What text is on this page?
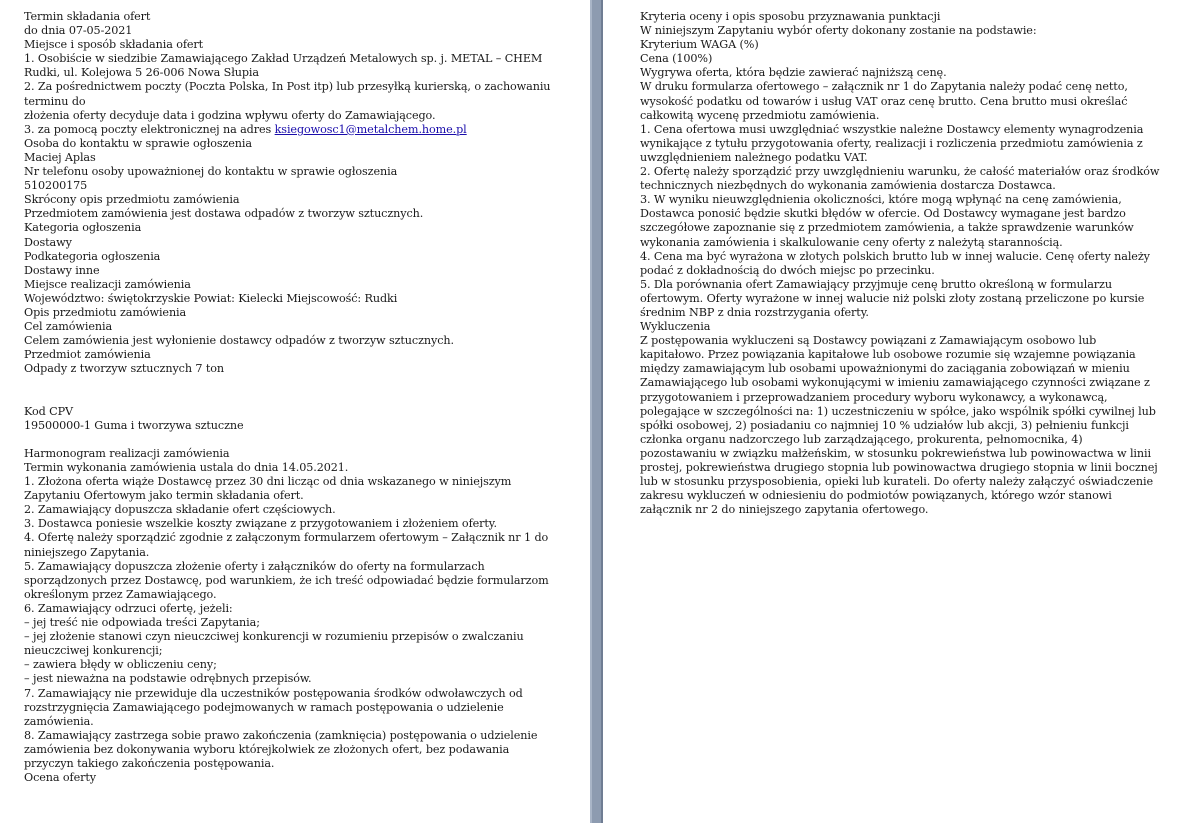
Termin składania ofert

do dnia 07-05-2021

Miejsce i sposób składania ofert

1. Osobiście w siedzibie Zamawiającego Zakład Urządzeń Metalowych sp. j. METAL – CHEM Rudki, ul. Kolejowa 5 26-006 Nowa Słupia

2. Za pośrednictwem poczty (Poczta Polska, In Post itp) lub przesyłką kurierską, o zachowaniu terminu do

złożenia oferty decyduje data i godzina wpływu oferty do Zamawiającego.

3. za pomocą poczty elektronicznej na adres ksiegowosc1@metalchem.home.pl

Osoba do kontaktu w sprawie ogłoszenia

Maciej Aplas

Nr telefonu osoby upoważnionej do kontaktu w sprawie ogłoszenia

510200175

Skrócony opis przedmiotu zamówienia

Przedmiotem zamówienia jest dostawa odpadów z tworzyw sztucznych.

Kategoria ogłoszenia

Dostawy

Podkategoria ogłoszenia

Dostawy inne

Miejsce realizacji zamówienia

Województwo: świętokrzyskie Powiat: Kielecki Miejscowość: Rudki

Opis przedmiotu zamówienia

Cel zamówienia

Celem zamówienia jest wyłonienie dostawcy odpadów z tworzyw sztucznych.

Przedmiot zamówienia

Odpady z tworzyw sztucznych 7 ton

Kod CPV

19500000-1 Guma i tworzywa sztuczne

Harmonogram realizacji zamówienia

Termin wykonania zamówienia ustala do dnia 14.05.2021.

1. Złożona oferta wiąże Dostawcę przez 30 dni licząc od dnia wskazanego w niniejszym Zapytaniu Ofertowym jako termin składania ofert.

2. Zamawiający dopuszcza składanie ofert częściowych.

3. Dostawca poniesie wszelkie koszty związane z przygotowaniem i złożeniem oferty.

4. Ofertę należy sporządzić zgodnie z załączonym formularzem ofertowym – Załącznik nr 1 do niniejszego Zapytania.

5. Zamawiający dopuszcza złożenie oferty i załączników do oferty na formularzach sporządzonych przez Dostawcę, pod warunkiem, że ich treść odpowiadać będzie formularzom określonym przez Zamawiającego.

6. Zamawiający odrzuci ofertę, jeżeli:

– jej treść nie odpowiada treści Zapytania;

– jej złożenie stanowi czyn nieuczciwej konkurencji w rozumieniu przepisów o zwalczaniu nieuczciwej konkurencji;

– zawiera błędy w obliczeniu ceny;

– jest nieważna na podstawie odrębnych przepisów.

7. Zamawiający nie przewiduje dla uczestników postępowania środków odwoławczych od rozstrzygnięcia Zamawiającego podejmowanych w ramach postępowania o udzielenie zamówienia.

8. Zamawiający zastrzega sobie prawo zakończenia (zamknięcia) postępowania o udzielenie zamówienia bez dokonywania wyboru którejkolwiek ze złożonych ofert, bez podawania przyczyn takiego zakończenia postępowania.

Ocena oferty

Kryteria oceny i opis sposobu przyznawania punktacji

W niniejszym Zapytaniu wybór oferty dokonany zostanie na podstawie:

Kryterium WAGA (%)

Cena (100%)

Wygrywa oferta, która będzie zawierać najniższą cenę.

W druku formularza ofertowego – załącznik nr 1 do Zapytania należy podać cenę netto, wysokość podatku od towarów i usług VAT oraz cenę brutto. Cena brutto musi określać całkowitą wycenę przedmiotu zamówienia.

1. Cena ofertowa musi uwzględniać wszystkie należne Dostawcy elementy wynagrodzenia wynikające z tytułu przygotowania oferty, realizacji i rozliczenia przedmiotu zamówienia z uwzględnieniem należnego podatku VAT.

2. Ofertę należy sporządzić przy uwzględnieniu warunku, że całość materiałów oraz środków technicznych niezbędnych do wykonania zamówienia dostarcza Dostawca.

3. W wyniku nieuwzględnienia okoliczności, które mogą wpłynąć na cenę zamówienia, Dostawca ponosić będzie skutki błędów w ofercie. Od Dostawcy wymagane jest bardzo szczegółowe zapoznanie się z przedmiotem zamówienia, a także sprawdzenie warunków wykonania zamówienia i skalkulowanie ceny oferty z należytą starannością.

4. Cena ma być wyrażona w złotych polskich brutto lub w innej walucie. Cenę oferty należy podać z dokładnością do dwóch miejsc po przecinku.

5. Dla porównania ofert Zamawiający przyjmuje cenę brutto określoną w formularzu ofertowym. Oferty wyrażone w innej walucie niż polski złoty zostaną przeliczone po kursie średnim NBP z dnia rozstrzygania oferty.

Wykluczenia

Z postępowania wykluczeni są Dostawcy powiązani z Zamawiającym osobowo lub kapitałowo. Przez powiązania kapitałowe lub osobowe rozumie się wzajemne powiązania między zamawiającym lub osobami upoważnionymi do zaciągania zobowiązań w mieniu Zamawiającego lub osobami wykonującymi w imieniu zamawiającego czynności związane z przygotowaniem i przeprowadzaniem procedury wyboru wykonawcy, a wykonawcą, polegające w szczególności na: 1) uczestniczeniu w spółce, jako wspólnik spółki cywilnej lub spółki osobowej, 2) posiadaniu co najmniej 10 % udziałów lub akcji, 3) pełnieniu funkcji członka organu nadzorczego lub zarządzającego, prokurenta, pełnomocnika, 4) pozostawaniu w związku małżeńskim, w stosunku pokrewieństwa lub powinowactwa w linii prostej, pokrewieństwa drugiego stopnia lub powinowactwa drugiego stopnia w linii bocznej lub w stosunku przysposobienia, opieki lub kurateli. Do oferty należy załączyć oświadczenie zakresu wykluczeń w odniesieniu do podmiotów powiązanych, którego wzór stanowi załącznik nr 2 do niniejszego zapytania ofertowego.
